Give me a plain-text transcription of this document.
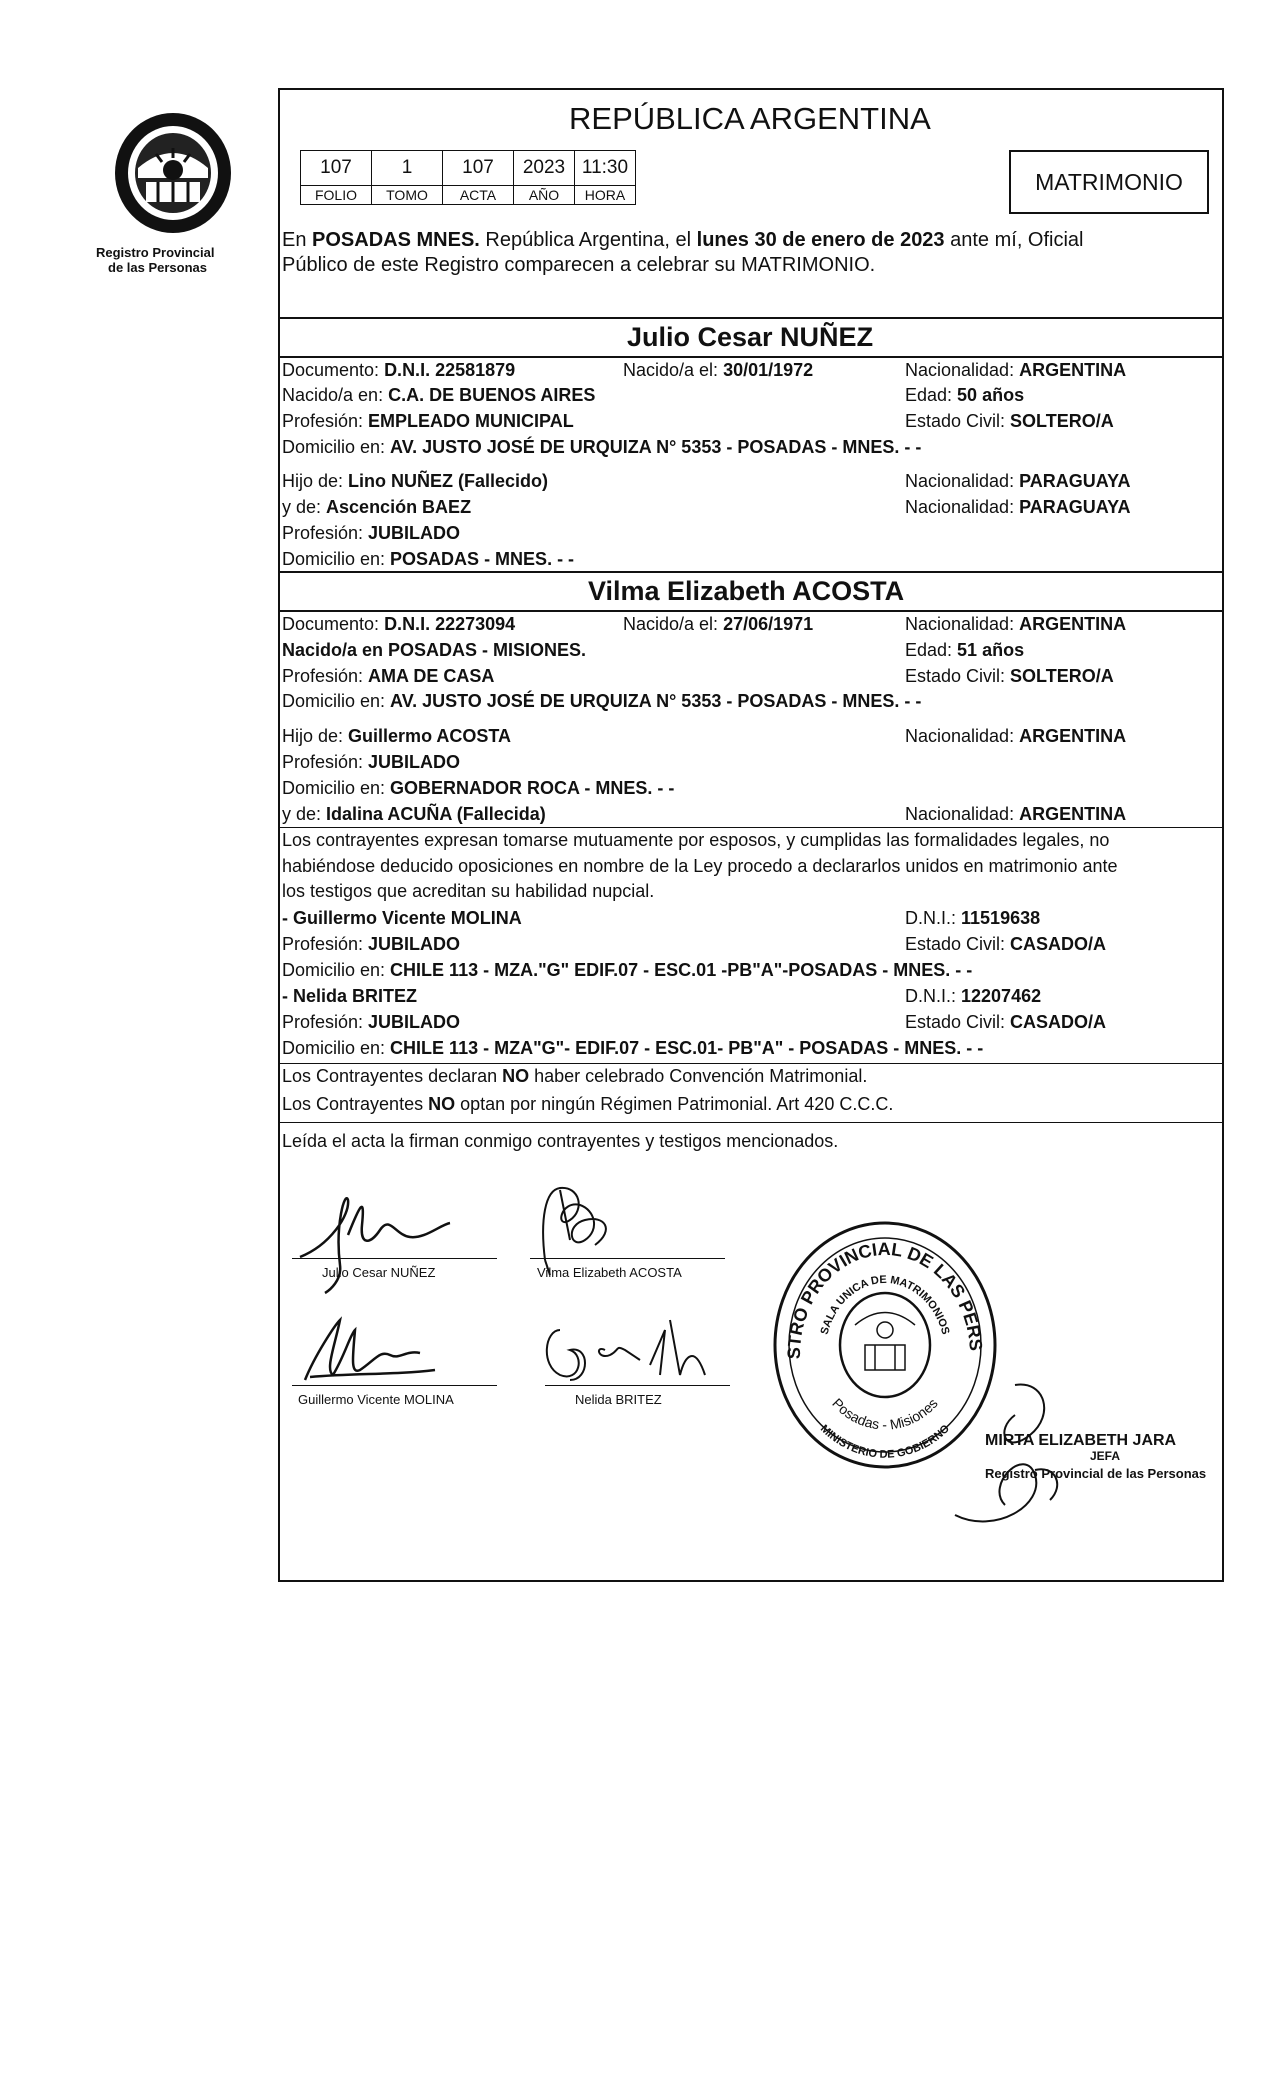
Registro Provincial
de las Personas
REPÚBLICA ARGENTINA
107	1	107	2023	11:30
FOLIO	TOMO	ACTA	AÑO	HORA	MATRIMONIO
En POSADAS MNES. República Argentina, el lunes 30 de enero de 2023 ante mí, Oficial
Público de este Registro comparecen a celebrar su MATRIMONIO.
Julio Cesar NUÑEZ
Documento: D.N.I. 22581879	Nacido/a el: 30/01/1972	Nacionalidad: ARGENTINA
Nacido/a en: C.A. DE BUENOS AIRES	Edad: 50 años
Profesión: EMPLEADO MUNICIPAL	Estado Civil: SOLTERO/A
Domicilio en: AV. JUSTO JOSÉ DE URQUIZA N° 5353 - POSADAS - MNES. - -
Hijo de: Lino NUÑEZ (Fallecido)	Nacionalidad: PARAGUAYA
y de: Ascención BAEZ	Nacionalidad: PARAGUAYA
Profesión: JUBILADO
Domicilio en: POSADAS - MNES. - -
Vilma Elizabeth ACOSTA
Documento: D.N.I. 22273094	Nacido/a el: 27/06/1971	Nacionalidad: ARGENTINA
Nacido/a en POSADAS - MISIONES.	Edad: 51 años
Profesión: AMA DE CASA	Estado Civil: SOLTERO/A
Domicilio en: AV. JUSTO JOSÉ DE URQUIZA N° 5353 - POSADAS - MNES. - -
Hijo de: Guillermo ACOSTA	Nacionalidad: ARGENTINA
Profesión: JUBILADO
Domicilio en: GOBERNADOR ROCA - MNES. - -
y de: Idalina ACUÑA (Fallecida)	Nacionalidad: ARGENTINA
Los contrayentes expresan tomarse mutuamente por esposos, y cumplidas las formalidades legales, no
habiéndose deducido oposiciones en nombre de la Ley procedo a declararlos unidos en matrimonio ante
los testigos que acreditan su habilidad nupcial.
- Guillermo Vicente MOLINA	D.N.I.: 11519638
Profesión: JUBILADO	Estado Civil: CASADO/A
Domicilio en: CHILE 113 - MZA."G" EDIF.07 - ESC.01 -PB"A"-POSADAS - MNES. - -
- Nelida BRITEZ	D.N.I.: 12207462
Profesión: JUBILADO	Estado Civil: CASADO/A
Domicilio en: CHILE 113 - MZA"G"- EDIF.07 - ESC.01- PB"A" - POSADAS - MNES. - -
Los Contrayentes declaran NO haber celebrado Convención Matrimonial.
Los Contrayentes NO optan por ningún Régimen Patrimonial. Art 420 C.C.C.
Leída el acta la firman conmigo contrayentes y testigos mencionados.
Julio Cesar NUÑEZ	Vilma Elizabeth ACOSTA
Guillermo Vicente MOLINA	Nelida BRITEZ
REGISTRO PROVINCIAL DE LAS PERSONAS
SALA UNICA DE MATRIMONIOS
Posadas - Misiones
MINISTERIO DE GOBIERNO
MIRTA ELIZABETH JARA
JEFA
Registro Provincial de las Personas
